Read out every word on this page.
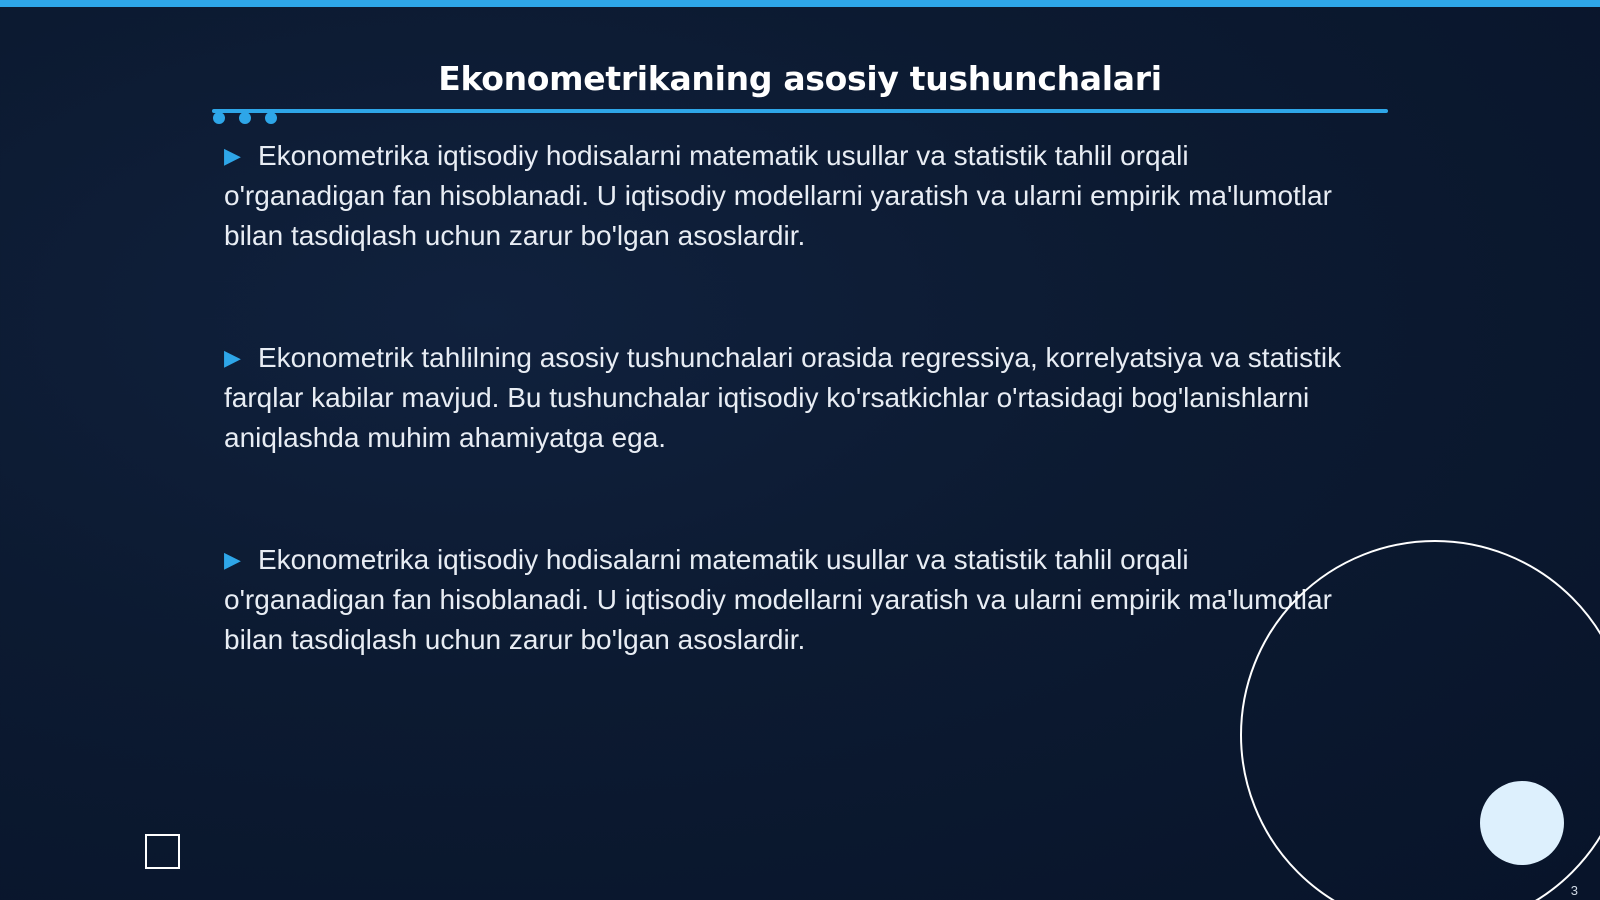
Ekonometrikaning asosiy tushunchalari
▶ Ekonometrika iqtisodiy hodisalarni matematik usullar va statistik tahlil orqali o'rganadigan fan hisoblanadi. U iqtisodiy modellarni yaratish va ularni empirik ma'lumotlar bilan tasdiqlash uchun zarur bo'lgan asoslardir.
▶ Ekonometrik tahlilning asosiy tushunchalari orasida regressiya, korrelyatsiya va statistik farqlar kabilar mavjud. Bu tushunchalar iqtisodiy ko'rsatkichlar o'rtasidagi bog'lanishlarni aniqlashda muhim ahamiyatga ega.
▶ Ekonometrika iqtisodiy hodisalarni matematik usullar va statistik tahlil orqali o'rganadigan fan hisoblanadi. U iqtisodiy modellarni yaratish va ularni empirik ma'lumotlar bilan tasdiqlash uchun zarur bo'lgan asoslardir.
3
